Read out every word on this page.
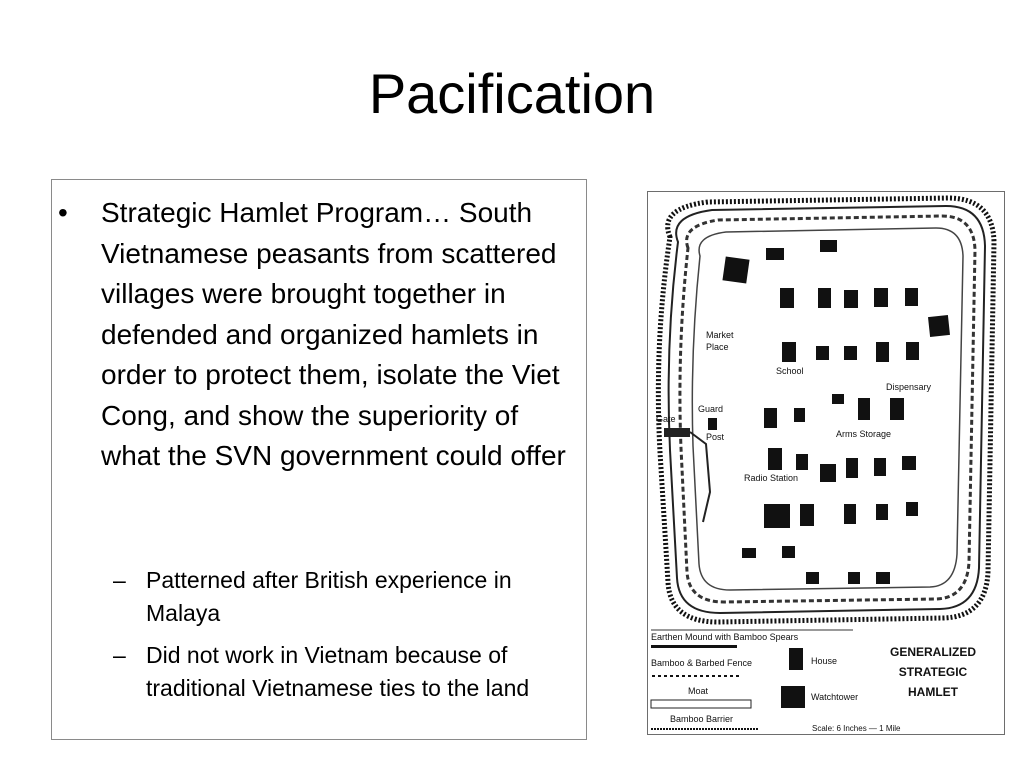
Pacification
• Strategic Hamlet Program… South Vietnamese peasants from scattered villages were brought together in defended and organized hamlets in order to protect them, isolate the Viet Cong, and show the superiority of what the SVN government could offer
– Patterned after British experience in Malaya
– Did not work in Vietnam because of traditional Vietnamese ties to the land
Market
Place
School
Dispensary
Gate
Guard
Post	Arms Storage
Radio Station
Earthen Mound with Bamboo Spears
Bamboo & Barbed Fence
Moat
Bamboo Barrier
House
Watchtower
Scale: 6 Inches — 1 Mile
GENERALIZED
STRATEGIC
HAMLET
